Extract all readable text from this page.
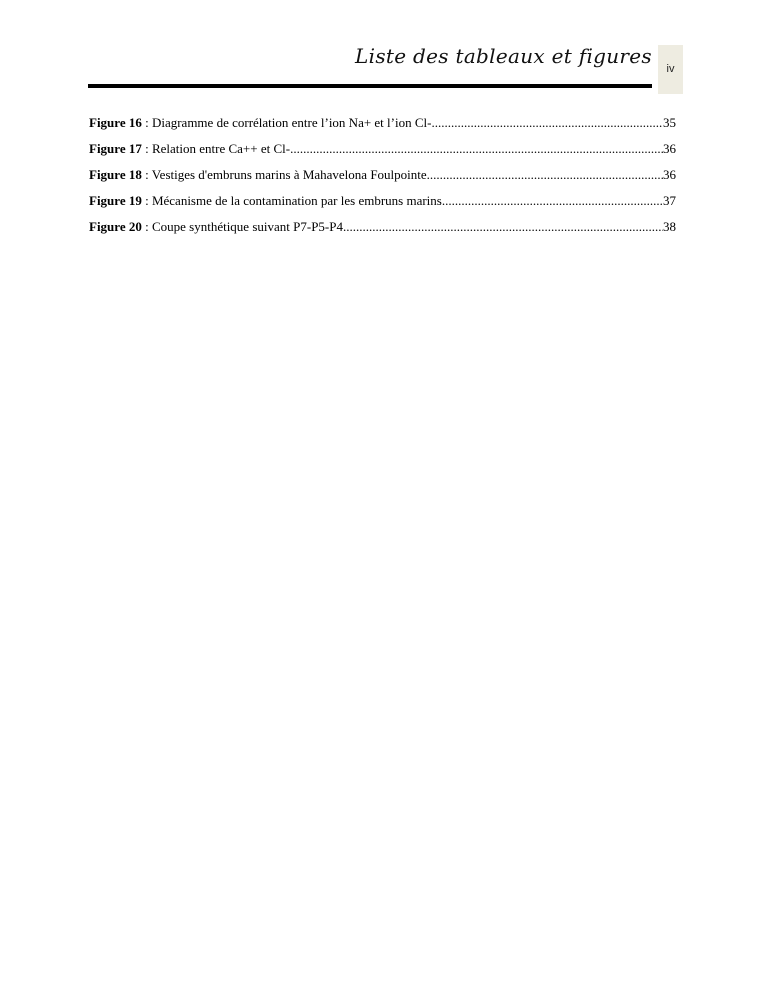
Liste des tableaux et figures
iv
Figure 16 : Diagramme de corrélation entre l’ion Na+ et l’ion Cl- .....	35
Figure 17 : Relation entre Ca++ et Cl- .....	36
Figure 18 : Vestiges d'embruns marins à Mahavelona Foulpointe .....	36
Figure 19 : Mécanisme de la contamination par les embruns marins .....	37
Figure 20 : Coupe synthétique suivant P7-P5-P4 .....	38
